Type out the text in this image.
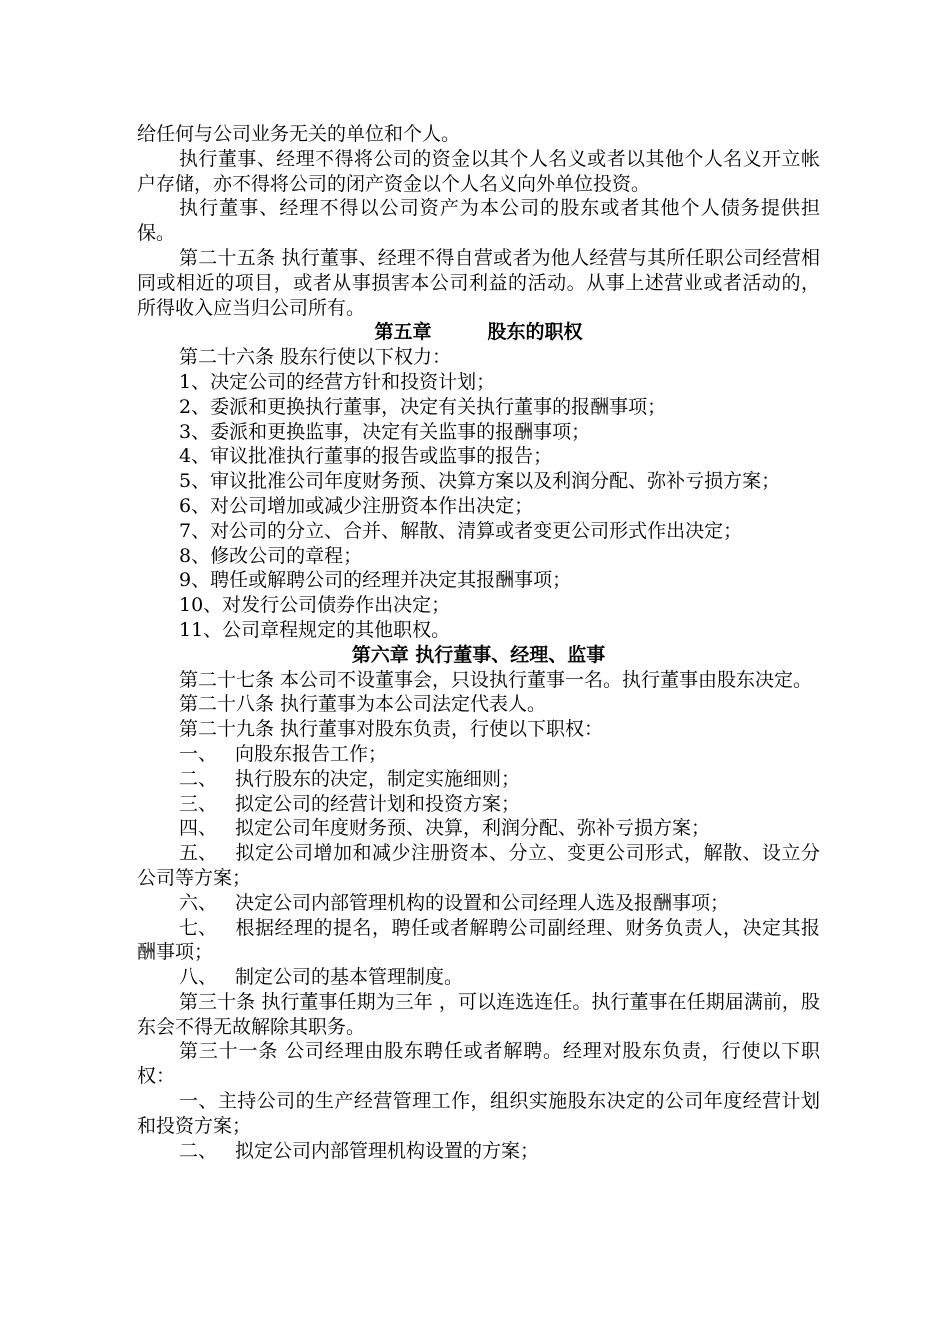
给任何与公司业务无关的单位和个人。

执行董事、经理不得将公司的资金以其个人名义或者以其他个人名义开立帐户存储，亦不得将公司的闭产资金以个人名义向外单位投资。

执行董事、经理不得以公司资产为本公司的股东或者其他个人债务提供担保。

第二十五条 执行董事、经理不得自营或者为他人经营与其所任职公司经营相同或相近的项目，或者从事损害本公司利益的活动。从事上述营业或者活动的，所得收入应当归公司所有。

第五章	股东的职权

第二十六条 股东行使以下权力：

1、决定公司的经营方针和投资计划；

2、委派和更换执行董事，决定有关执行董事的报酬事项；

3、委派和更换监事，决定有关监事的报酬事项；

4、审议批准执行董事的报告或监事的报告；

5、审议批准公司年度财务预、决算方案以及利润分配、弥补亏损方案；

6、对公司增加或减少注册资本作出决定；

7、对公司的分立、合并、解散、清算或者变更公司形式作出决定；

8、修改公司的章程；

9、聘任或解聘公司的经理并决定其报酬事项；

10、对发行公司债券作出决定；

11、公司章程规定的其他职权。

第六章 执行董事、经理、监事

第二十七条 本公司不设董事会，只设执行董事一名。执行董事由股东决定。

第二十八条 执行董事为本公司法定代表人。

第二十九条 执行董事对股东负责，行使以下职权：

一、 向股东报告工作；

二、 执行股东的决定，制定实施细则；

三、 拟定公司的经营计划和投资方案；

四、 拟定公司年度财务预、决算，利润分配、弥补亏损方案；

五、 拟定公司增加和减少注册资本、分立、变更公司形式，解散、设立分公司等方案；

六、 决定公司内部管理机构的设置和公司经理人选及报酬事项；

七、 根据经理的提名，聘任或者解聘公司副经理、财务负责人，决定其报酬事项；

八、 制定公司的基本管理制度。

第三十条 执行董事任期为三年 ，可以连选连任。执行董事在任期届满前，股东会不得无故解除其职务。

第三十一条 公司经理由股东聘任或者解聘。经理对股东负责，行使以下职权：

一、主持公司的生产经营管理工作，组织实施股东决定的公司年度经营计划和投资方案；

二、 拟定公司内部管理机构设置的方案；
